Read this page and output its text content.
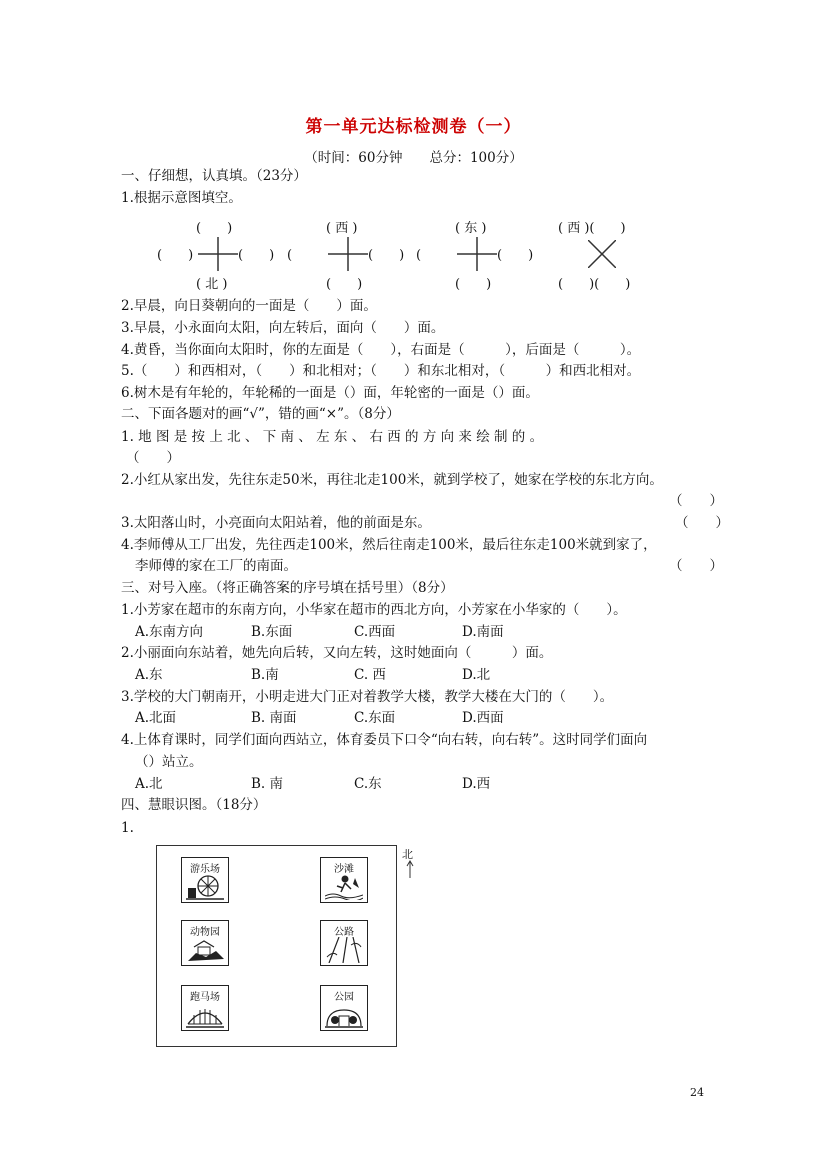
第一单元达标检测卷（一）
（时间：60分钟　　总分：100分）
一、仔细想，认真填。（23分）
1.根据示意图填空。
(　　)
(　　)	(　　)
( 北 )
( 西 )
(　　	(　　)
(　　)
( 东 )
(　　	(　　)
(　　)
( 西 )(　　)
(　　)(　　)
2.早晨，向日葵朝向的一面是（　　）面。
3.早晨，小永面向太阳，向左转后，面向（　　）面。
4.黄昏，当你面向太阳时，你的左面是（　　），右面是（　　　），后面是（　　　）。
5.（　　）和西相对，（　　）和北相对；（　　）和东北相对，（　　　）和西北相对。
6.树木是有年轮的，年轮稀的一面是（）面，年轮密的一面是（）面。
二、下面各题对的画“√”，错的画“×”。（8分）
1. 地 图 是 按 上 北 、 下 南 、 左 东 、 右 西 的 方 向 来 绘 制 的 。
（　　）
2.小红从家出发，先往东走50米，再往北走100米，就到学校了，她家在学校的东北方向。
（　　）
3.太阳落山时，小亮面向太阳站着，他的前面是东。	（　　）
4.李师傅从工厂出发，先往西走100米，然后往南走100米，最后往东走100米就到家了，
李师傅的家在工厂的南面。	（　　）
三、对号入座。（将正确答案的序号填在括号里）（8分）
1.小芳家在超市的东南方向，小华家在超市的西北方向，小芳家在小华家的（　　）。
A.东南方向	B.东面	C.西面	D.南面
2.小丽面向东站着，她先向后转，又向左转，这时她面向（　　　）面。
A.东	B.南	C. 西	D.北
3.学校的大门朝南开，小明走进大门正对着教学大楼，教学大楼在大门的（　　）。
A.北面	B. 南面	C.东面	D.西面
4.上体育课时，同学们面向西站立，体育委员下口令“向右转，向右转”。这时同学们面向
（）站立。
A.北	B. 南	C.东	D.西
四、慧眼识图。（18分）
1.
北
游乐场	沙滩
动物园	公路
跑马场	公园
24
